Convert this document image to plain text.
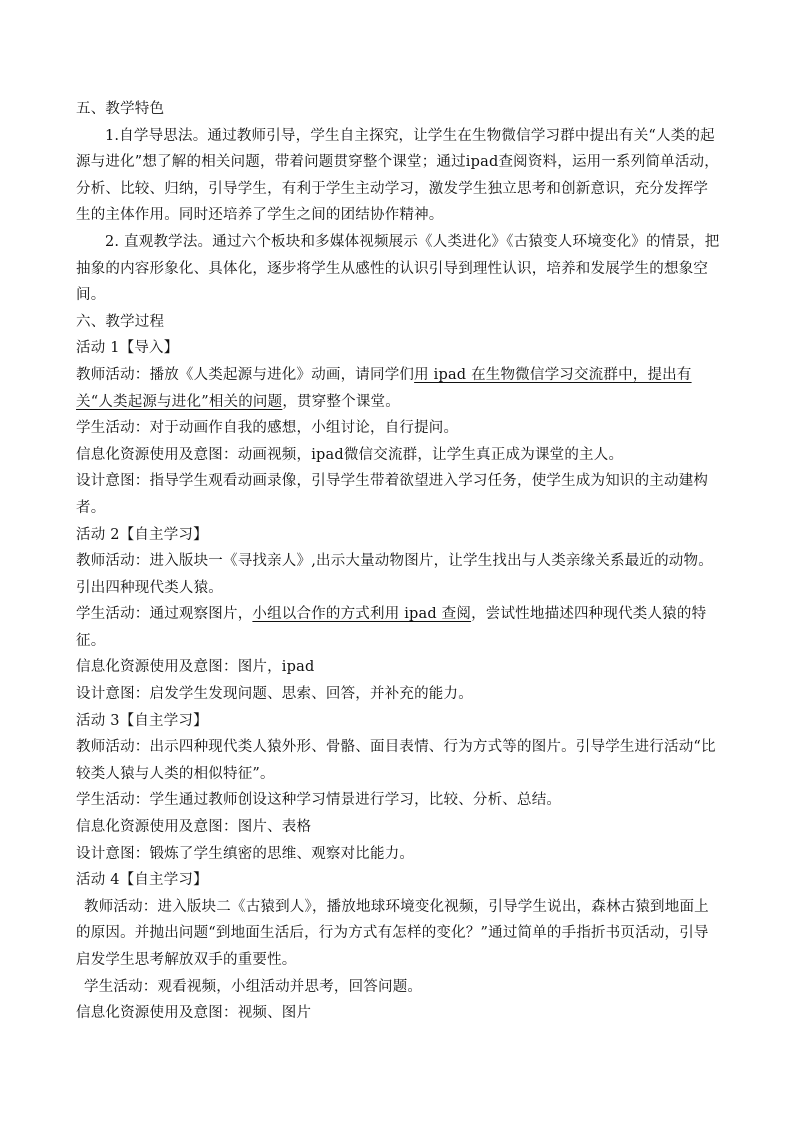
五、教学特色

1.自学导思法。通过教师引导，学生自主探究，让学生在生物微信学习群中提出有关“人类的起源与进化”想了解的相关问题，带着问题贯穿整个课堂；通过ipad查阅资料，运用一系列简单活动，分析、比较、归纳，引导学生，有利于学生主动学习，激发学生独立思考和创新意识，充分发挥学生的主体作用。同时还培养了学生之间的团结协作精神。

2. 直观教学法。通过六个板块和多媒体视频展示《人类进化》《古猿变人环境变化》的情景，把抽象的内容形象化、具体化，逐步将学生从感性的认识引导到理性认识，培养和发展学生的想象空间。

六、教学过程

活动 1【导入】

教师活动：播放《人类起源与进化》动画，请同学们用 ipad 在生物微信学习交流群中，提出有关“人类起源与进化”相关的问题，贯穿整个课堂。

学生活动：对于动画作自我的感想，小组讨论，自行提问。

信息化资源使用及意图：动画视频，ipad微信交流群，让学生真正成为课堂的主人。

设计意图：指导学生观看动画录像，引导学生带着欲望进入学习任务，使学生成为知识的主动建构者。

活动 2【自主学习】

教师活动：进入版块一《寻找亲人》,出示大量动物图片，让学生找出与人类亲缘关系最近的动物。引出四种现代类人猿。

学生活动：通过观察图片，小组以合作的方式利用 ipad 查阅，尝试性地描述四种现代类人猿的特征。

信息化资源使用及意图：图片，ipad

设计意图：启发学生发现问题、思索、回答，并补充的能力。

活动 3【自主学习】

教师活动：出示四种现代类人猿外形、骨骼、面目表情、行为方式等的图片。引导学生进行活动“比较类人猿与人类的相似特征”。

学生活动：学生通过教师创设这种学习情景进行学习，比较、分析、总结。

信息化资源使用及意图：图片、表格

设计意图：锻炼了学生缜密的思维、观察对比能力。

活动 4【自主学习】

教师活动：进入版块二《古猿到人》，播放地球环境变化视频，引导学生说出，森林古猿到地面上的原因。并抛出问题“到地面生活后，行为方式有怎样的变化？”通过简单的手指折书页活动，引导启发学生思考解放双手的重要性。

学生活动：观看视频，小组活动并思考，回答问题。

信息化资源使用及意图：视频、图片
